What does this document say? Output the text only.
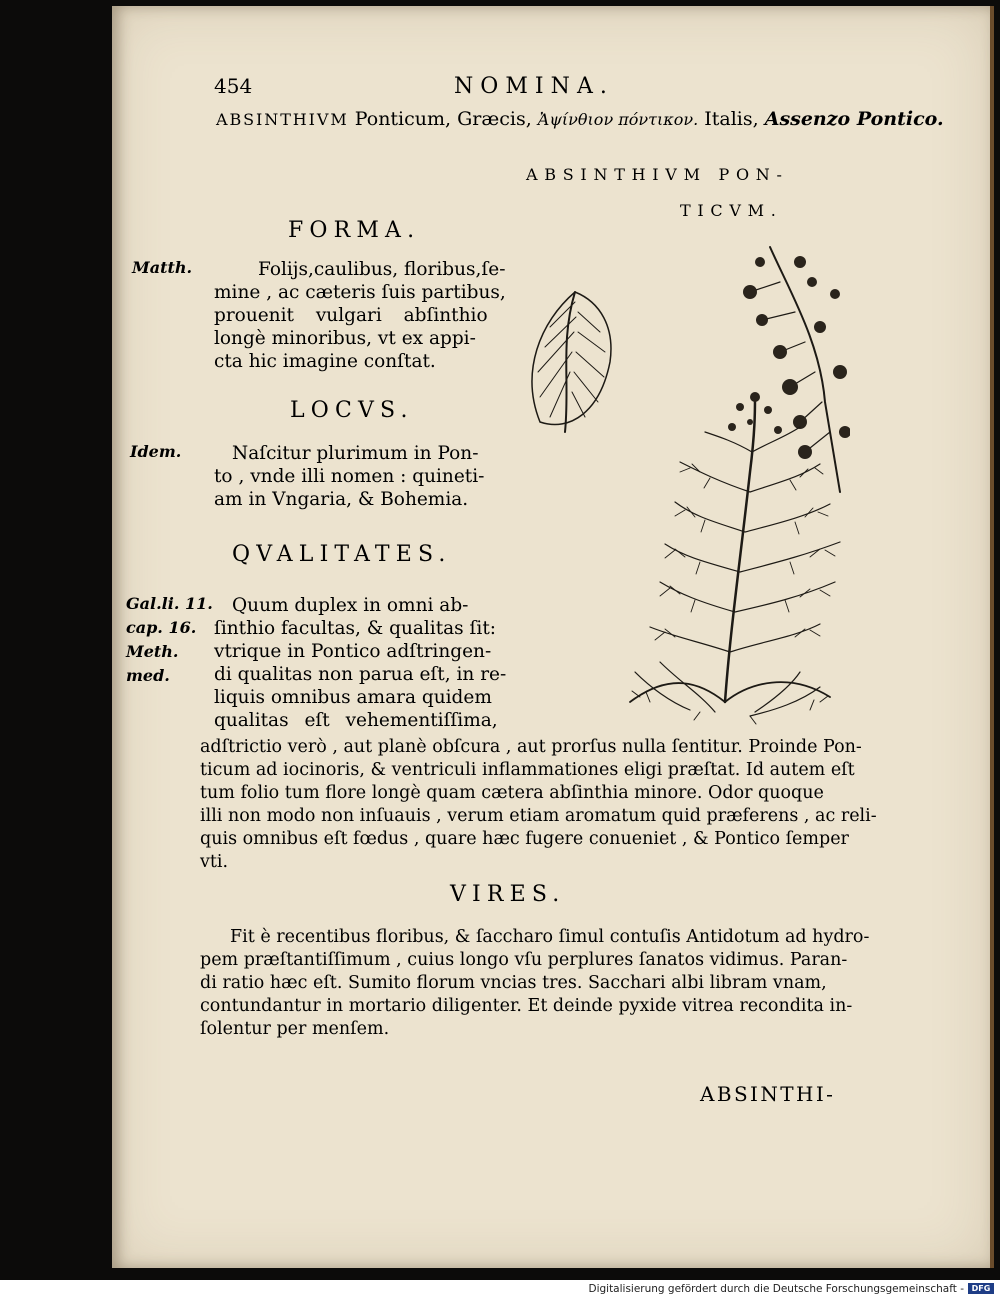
454	NOMINA.
ABSINTHIVM Ponticum, Græcis, Ἀψίνθιον πόντικον. Italis, Assenzo Pontico.
ABSINTHIVM PON-
TICVM.
FORMA.
Matth.	Folijs,caulibus, floribus,ſe-
mine , ac cæteris ſuis partibus,
prouenit vulgari abſinthio
longè minoribus, vt ex appi-
cta hic imagine conſtat.
LOCVS.
Idem.	Naſcitur plurimum in Pon-
to , vnde illi nomen : quineti-
am in Vngaria, & Bohemia.
QVALITATES.
Gal.li. 11.
cap. 16.
Meth.
med.
Quum duplex in omni ab-
ſinthio facultas, & qualitas ſit:
vtrique in Pontico adſtringen-
di qualitas non parua eſt, in re-
liquis omnibus amara quidem
qualitas eſt vehementiſſima,
adſtrictio verò , aut planè obſcura , aut prorſus nulla ſentitur. Proinde Pon-
ticum ad iocinoris, & ventriculi inflammationes eligi præſtat. Id autem eſt
tum folio tum flore longè quam cætera abſinthia minore. Odor quoque
illi non modo non inſuauis , verum etiam aromatum quid præferens , ac reli-
quis omnibus eſt fœdus , quare hæc fugere conueniet , & Pontico ſemper
vti.
VIRES.
Fit è recentibus floribus, & ſaccharo ſimul contuſis Antidotum ad hydro-
pem præſtantiſſimum , cuius longo vſu perplures ſanatos vidimus. Paran-
di ratio hæc eſt. Sumito florum vncias tres. Sacchari albi libram vnam,
contundantur in mortario diligenter. Et deinde pyxide vitrea recondita in-
ſolentur per menſem.
ABSINTHI-
Digitalisierung gefördert durch die Deutsche Forschungsgemeinschaft - DFG
